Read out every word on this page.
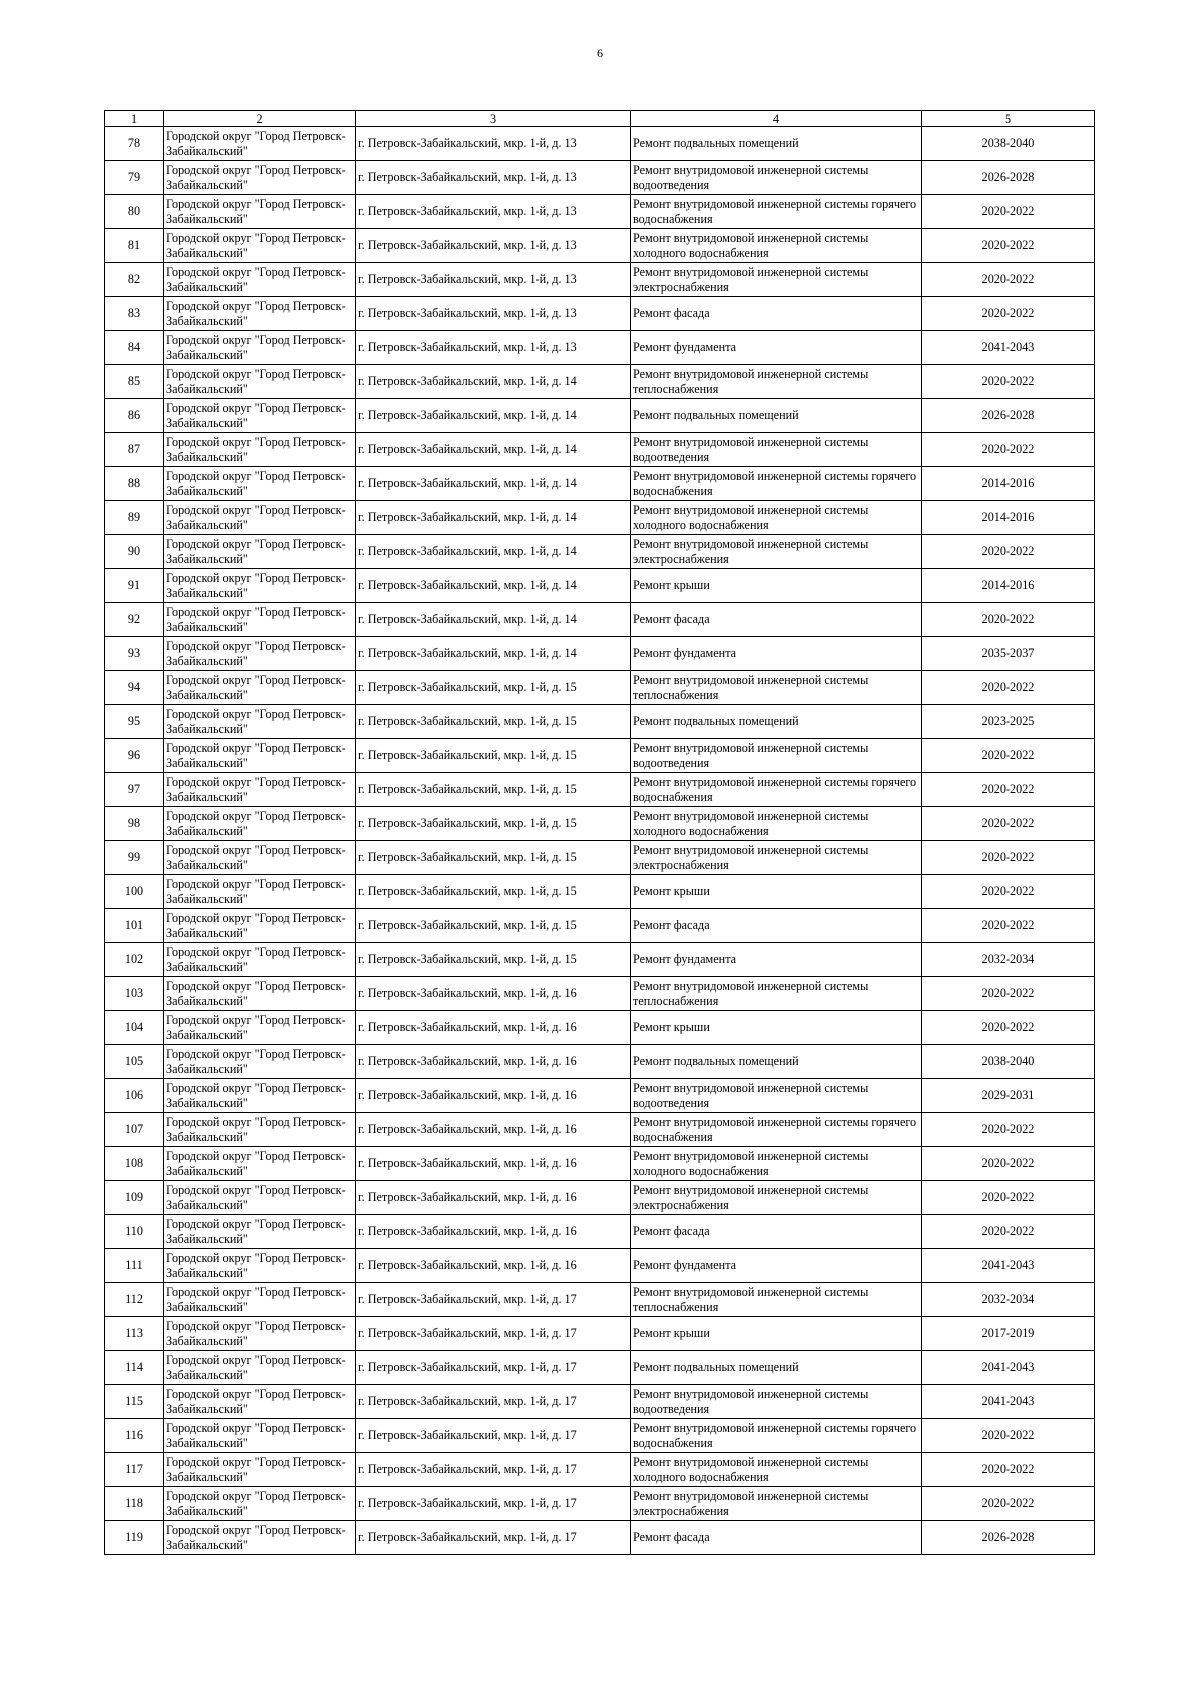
6
1	2	3	4	5
78	Городской округ "Город Петровск-Забайкальский"	г. Петровск-Забайкальский, мкр. 1-й, д. 13	Ремонт подвальных помещений	2038-2040
79	Городской округ "Город Петровск-Забайкальский"	г. Петровск-Забайкальский, мкр. 1-й, д. 13	Ремонт внутридомовой инженерной системы водоотведения	2026-2028
80	Городской округ "Город Петровск-Забайкальский"	г. Петровск-Забайкальский, мкр. 1-й, д. 13	Ремонт внутридомовой инженерной системы горячего водоснабжения	2020-2022
81	Городской округ "Город Петровск-Забайкальский"	г. Петровск-Забайкальский, мкр. 1-й, д. 13	Ремонт внутридомовой инженерной системы холодного водоснабжения	2020-2022
82	Городской округ "Город Петровск-Забайкальский"	г. Петровск-Забайкальский, мкр. 1-й, д. 13	Ремонт внутридомовой инженерной системы электроснабжения	2020-2022
83	Городской округ "Город Петровск-Забайкальский"	г. Петровск-Забайкальский, мкр. 1-й, д. 13	Ремонт фасада	2020-2022
84	Городской округ "Город Петровск-Забайкальский"	г. Петровск-Забайкальский, мкр. 1-й, д. 13	Ремонт фундамента	2041-2043
85	Городской округ "Город Петровск-Забайкальский"	г. Петровск-Забайкальский, мкр. 1-й, д. 14	Ремонт внутридомовой инженерной системы теплоснабжения	2020-2022
86	Городской округ "Город Петровск-Забайкальский"	г. Петровск-Забайкальский, мкр. 1-й, д. 14	Ремонт подвальных помещений	2026-2028
87	Городской округ "Город Петровск-Забайкальский"	г. Петровск-Забайкальский, мкр. 1-й, д. 14	Ремонт внутридомовой инженерной системы водоотведения	2020-2022
88	Городской округ "Город Петровск-Забайкальский"	г. Петровск-Забайкальский, мкр. 1-й, д. 14	Ремонт внутридомовой инженерной системы горячего водоснабжения	2014-2016
89	Городской округ "Город Петровск-Забайкальский"	г. Петровск-Забайкальский, мкр. 1-й, д. 14	Ремонт внутридомовой инженерной системы холодного водоснабжения	2014-2016
90	Городской округ "Город Петровск-Забайкальский"	г. Петровск-Забайкальский, мкр. 1-й, д. 14	Ремонт внутридомовой инженерной системы электроснабжения	2020-2022
91	Городской округ "Город Петровск-Забайкальский"	г. Петровск-Забайкальский, мкр. 1-й, д. 14	Ремонт крыши	2014-2016
92	Городской округ "Город Петровск-Забайкальский"	г. Петровск-Забайкальский, мкр. 1-й, д. 14	Ремонт фасада	2020-2022
93	Городской округ "Город Петровск-Забайкальский"	г. Петровск-Забайкальский, мкр. 1-й, д. 14	Ремонт фундамента	2035-2037
94	Городской округ "Город Петровск-Забайкальский"	г. Петровск-Забайкальский, мкр. 1-й, д. 15	Ремонт внутридомовой инженерной системы теплоснабжения	2020-2022
95	Городской округ "Город Петровск-Забайкальский"	г. Петровск-Забайкальский, мкр. 1-й, д. 15	Ремонт подвальных помещений	2023-2025
96	Городской округ "Город Петровск-Забайкальский"	г. Петровск-Забайкальский, мкр. 1-й, д. 15	Ремонт внутридомовой инженерной системы водоотведения	2020-2022
97	Городской округ "Город Петровск-Забайкальский"	г. Петровск-Забайкальский, мкр. 1-й, д. 15	Ремонт внутридомовой инженерной системы горячего водоснабжения	2020-2022
98	Городской округ "Город Петровск-Забайкальский"	г. Петровск-Забайкальский, мкр. 1-й, д. 15	Ремонт внутридомовой инженерной системы холодного водоснабжения	2020-2022
99	Городской округ "Город Петровск-Забайкальский"	г. Петровск-Забайкальский, мкр. 1-й, д. 15	Ремонт внутридомовой инженерной системы электроснабжения	2020-2022
100	Городской округ "Город Петровск-Забайкальский"	г. Петровск-Забайкальский, мкр. 1-й, д. 15	Ремонт крыши	2020-2022
101	Городской округ "Город Петровск-Забайкальский"	г. Петровск-Забайкальский, мкр. 1-й, д. 15	Ремонт фасада	2020-2022
102	Городской округ "Город Петровск-Забайкальский"	г. Петровск-Забайкальский, мкр. 1-й, д. 15	Ремонт фундамента	2032-2034
103	Городской округ "Город Петровск-Забайкальский"	г. Петровск-Забайкальский, мкр. 1-й, д. 16	Ремонт внутридомовой инженерной системы теплоснабжения	2020-2022
104	Городской округ "Город Петровск-Забайкальский"	г. Петровск-Забайкальский, мкр. 1-й, д. 16	Ремонт крыши	2020-2022
105	Городской округ "Город Петровск-Забайкальский"	г. Петровск-Забайкальский, мкр. 1-й, д. 16	Ремонт подвальных помещений	2038-2040
106	Городской округ "Город Петровск-Забайкальский"	г. Петровск-Забайкальский, мкр. 1-й, д. 16	Ремонт внутридомовой инженерной системы водоотведения	2029-2031
107	Городской округ "Город Петровск-Забайкальский"	г. Петровск-Забайкальский, мкр. 1-й, д. 16	Ремонт внутридомовой инженерной системы горячего водоснабжения	2020-2022
108	Городской округ "Город Петровск-Забайкальский"	г. Петровск-Забайкальский, мкр. 1-й, д. 16	Ремонт внутридомовой инженерной системы холодного водоснабжения	2020-2022
109	Городской округ "Город Петровск-Забайкальский"	г. Петровск-Забайкальский, мкр. 1-й, д. 16	Ремонт внутридомовой инженерной системы электроснабжения	2020-2022
110	Городской округ "Город Петровск-Забайкальский"	г. Петровск-Забайкальский, мкр. 1-й, д. 16	Ремонт фасада	2020-2022
111	Городской округ "Город Петровск-Забайкальский"	г. Петровск-Забайкальский, мкр. 1-й, д. 16	Ремонт фундамента	2041-2043
112	Городской округ "Город Петровск-Забайкальский"	г. Петровск-Забайкальский, мкр. 1-й, д. 17	Ремонт внутридомовой инженерной системы теплоснабжения	2032-2034
113	Городской округ "Город Петровск-Забайкальский"	г. Петровск-Забайкальский, мкр. 1-й, д. 17	Ремонт крыши	2017-2019
114	Городской округ "Город Петровск-Забайкальский"	г. Петровск-Забайкальский, мкр. 1-й, д. 17	Ремонт подвальных помещений	2041-2043
115	Городской округ "Город Петровск-Забайкальский"	г. Петровск-Забайкальский, мкр. 1-й, д. 17	Ремонт внутридомовой инженерной системы водоотведения	2041-2043
116	Городской округ "Город Петровск-Забайкальский"	г. Петровск-Забайкальский, мкр. 1-й, д. 17	Ремонт внутридомовой инженерной системы горячего водоснабжения	2020-2022
117	Городской округ "Город Петровск-Забайкальский"	г. Петровск-Забайкальский, мкр. 1-й, д. 17	Ремонт внутридомовой инженерной системы холодного водоснабжения	2020-2022
118	Городской округ "Город Петровск-Забайкальский"	г. Петровск-Забайкальский, мкр. 1-й, д. 17	Ремонт внутридомовой инженерной системы электроснабжения	2020-2022
119	Городской округ "Город Петровск-Забайкальский"	г. Петровск-Забайкальский, мкр. 1-й, д. 17	Ремонт фасада	2026-2028
